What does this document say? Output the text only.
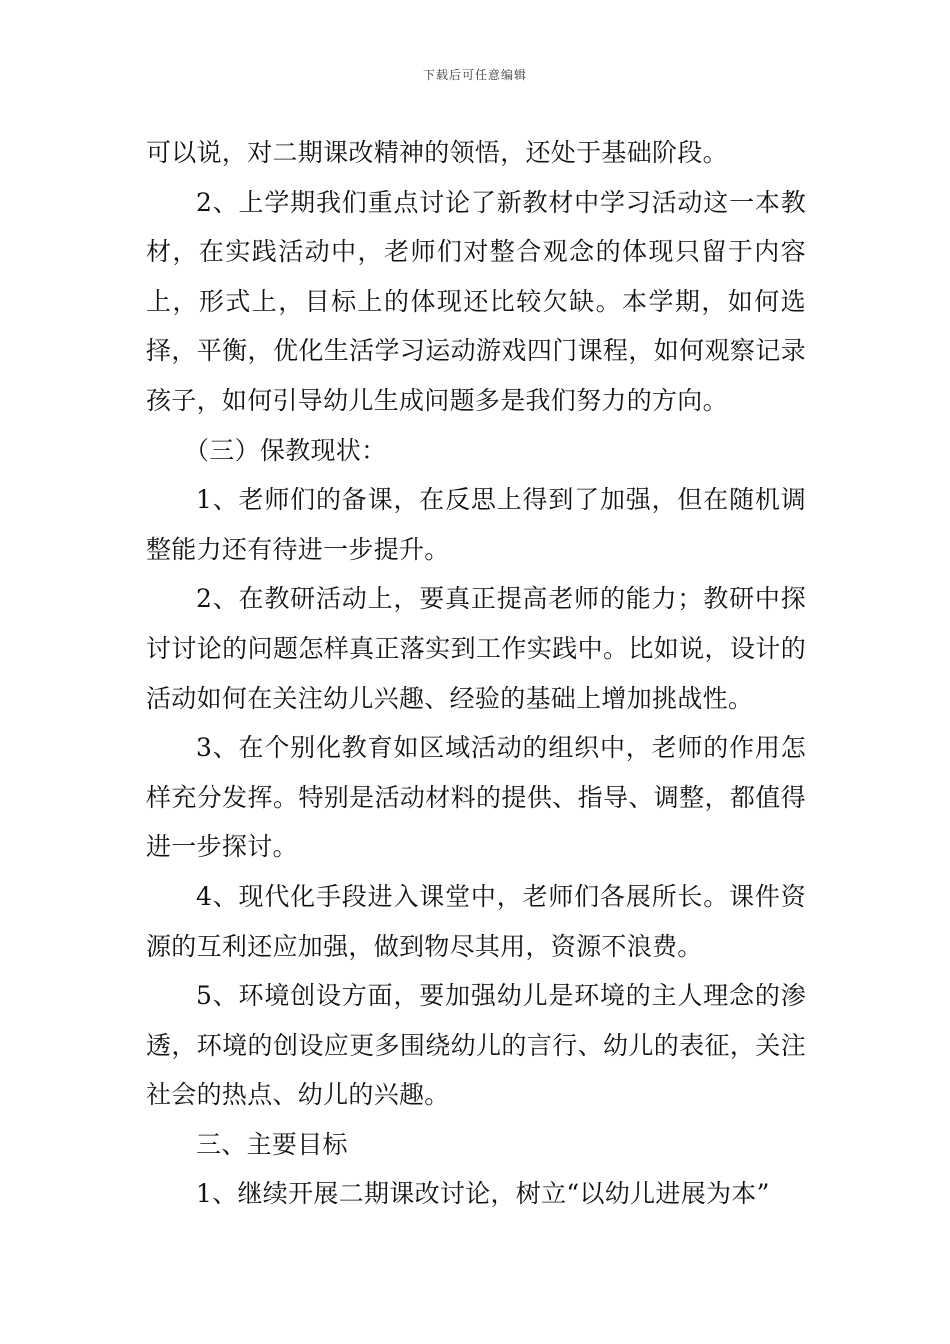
下载后可任意编辑

可以说，对二期课改精神的领悟，还处于基础阶段。

2、上学期我们重点讨论了新教材中学习活动这一本教材，在实践活动中，老师们对整合观念的体现只留于内容上，形式上，目标上的体现还比较欠缺。本学期，如何选择，平衡，优化生活学习运动游戏四门课程，如何观察记录孩子，如何引导幼儿生成问题多是我们努力的方向。

（三）保教现状：

1、老师们的备课，在反思上得到了加强，但在随机调整能力还有待进一步提升。

2、在教研活动上，要真正提高老师的能力；教研中探讨讨论的问题怎样真正落实到工作实践中。比如说，设计的活动如何在关注幼儿兴趣、经验的基础上增加挑战性。

3、在个别化教育如区域活动的组织中，老师的作用怎样充分发挥。特别是活动材料的提供、指导、调整，都值得进一步探讨。

4、现代化手段进入课堂中，老师们各展所长。课件资源的互利还应加强，做到物尽其用，资源不浪费。

5、环境创设方面，要加强幼儿是环境的主人理念的渗透，环境的创设应更多围绕幼儿的言行、幼儿的表征，关注社会的热点、幼儿的兴趣。

三、主要目标

1、继续开展二期课改讨论，树立“以幼儿进展为本”
